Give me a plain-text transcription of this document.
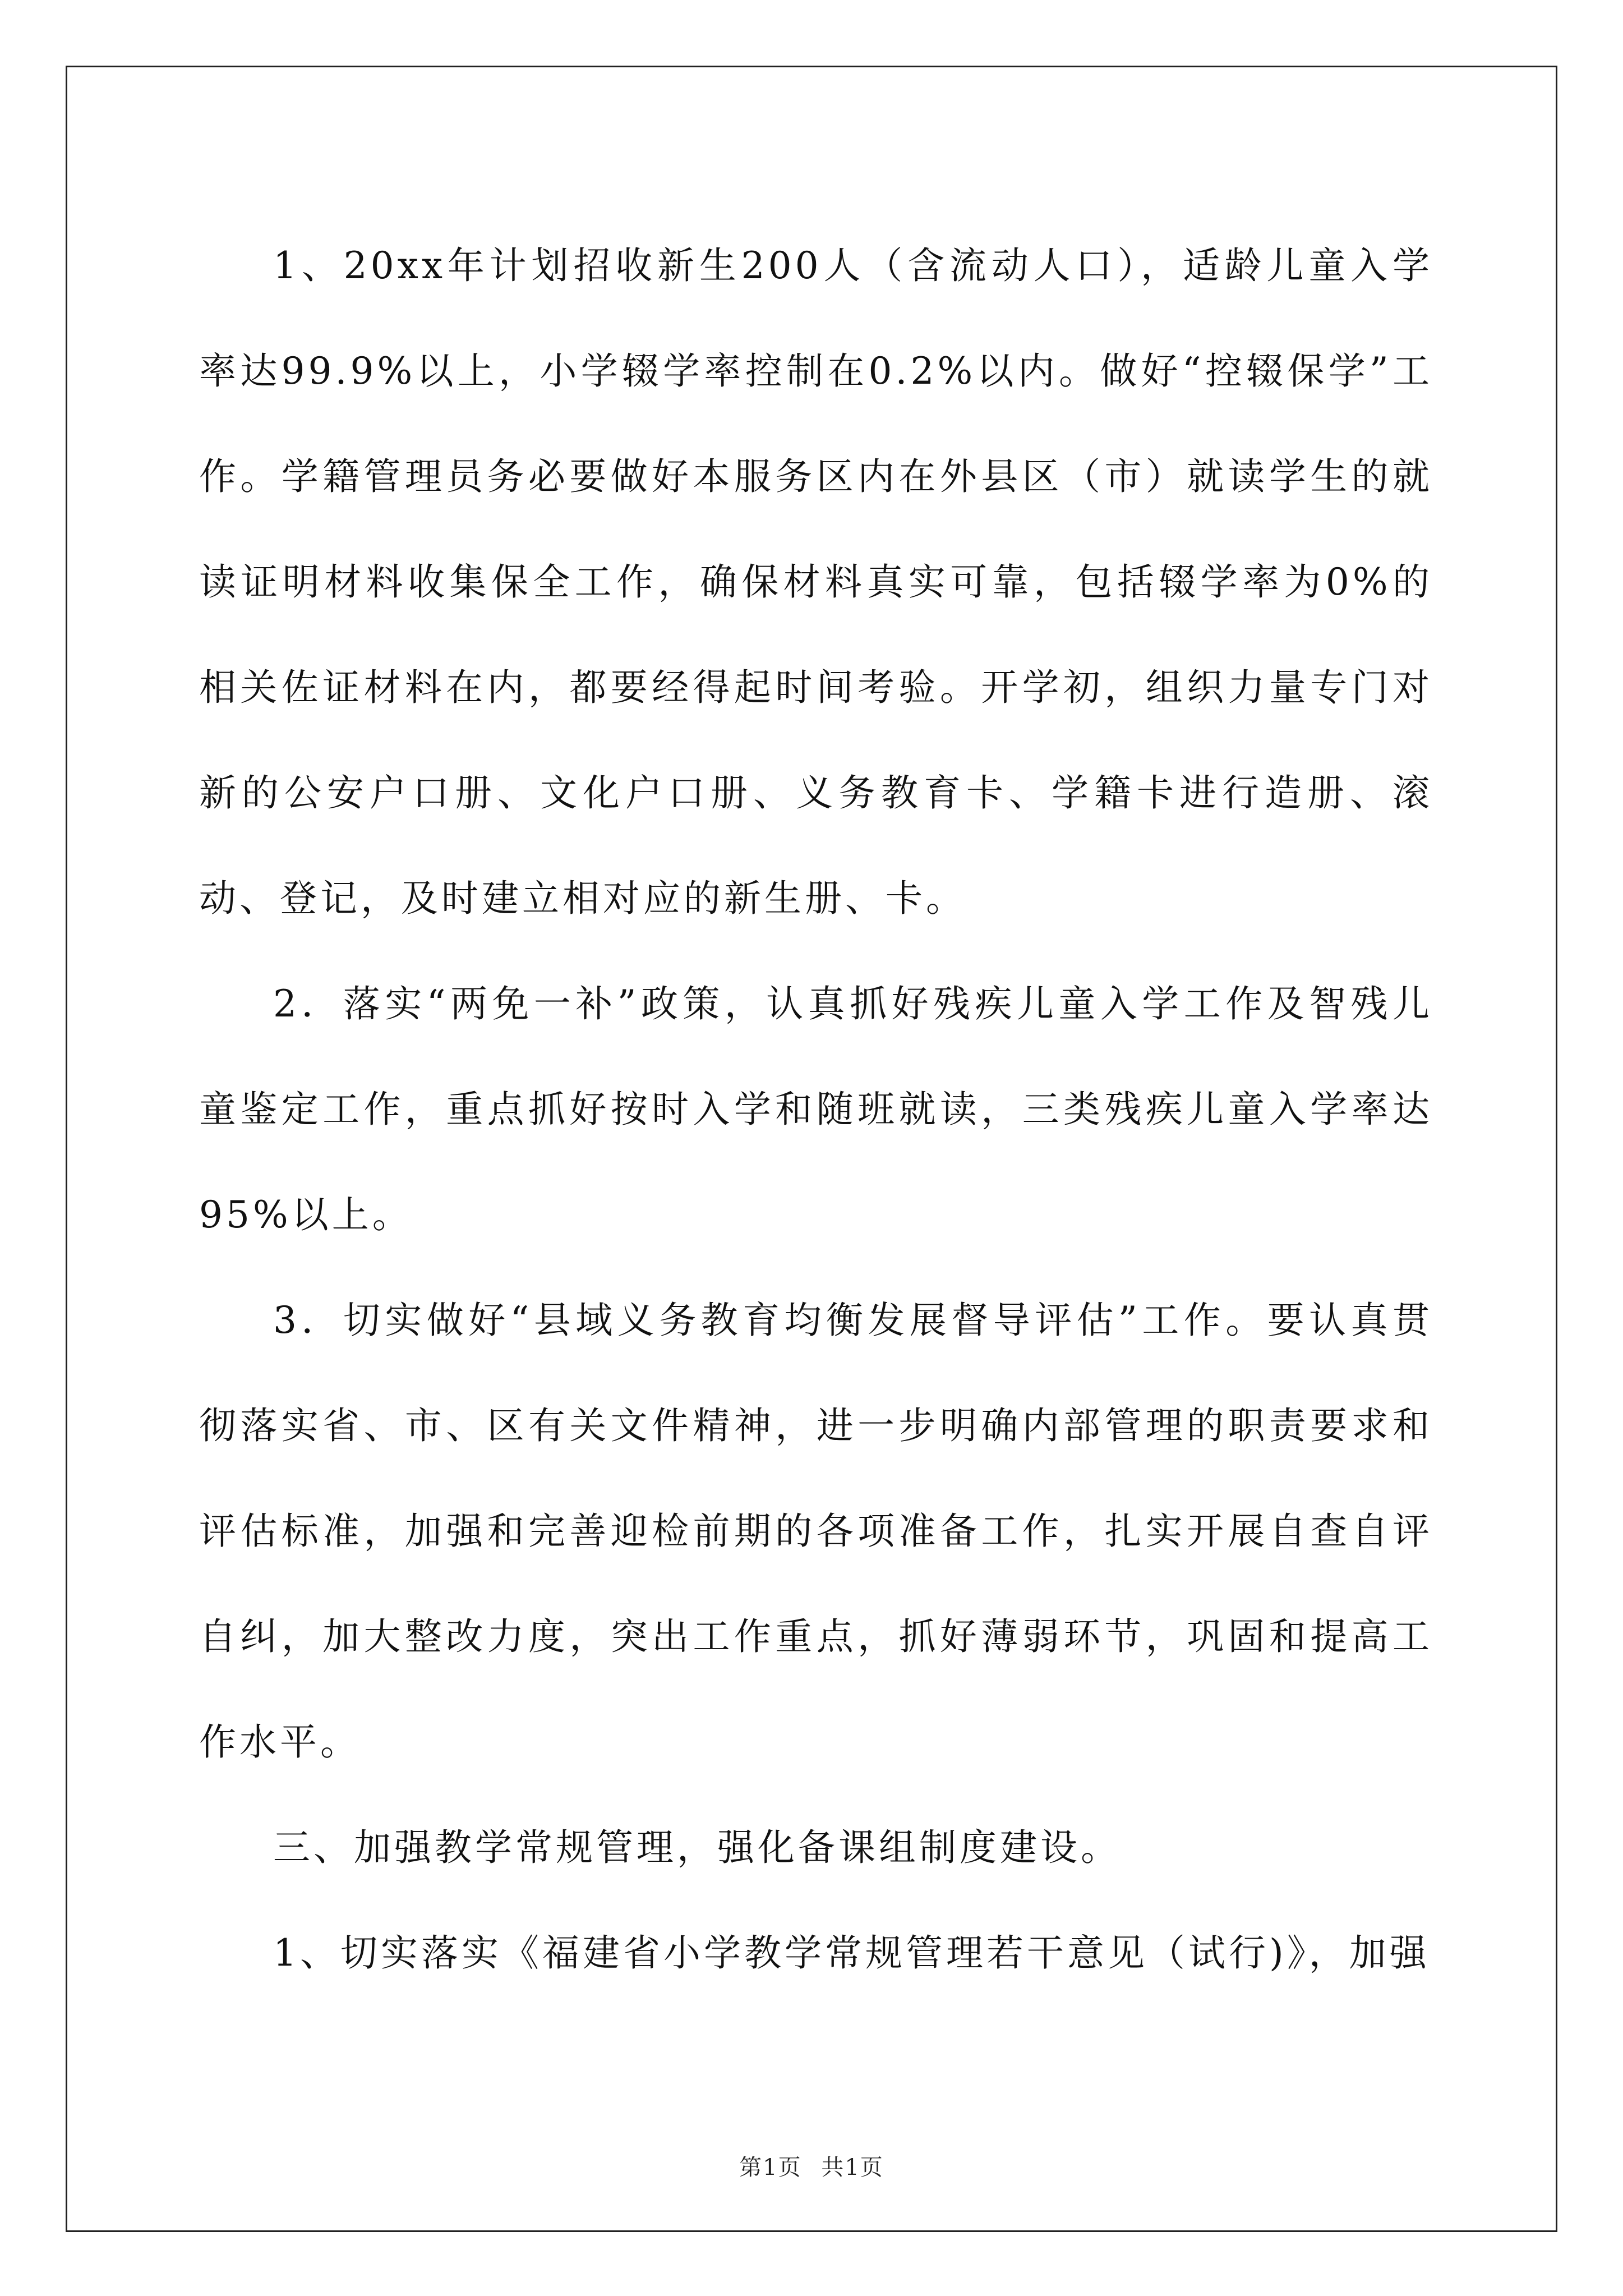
1、20xx年计划招收新生200人（含流动人口），适龄儿童入学率达99.9%以上，小学辍学率控制在0.2%以内。做好“控辍保学”工作。学籍管理员务必要做好本服务区内在外县区（市）就读学生的就读证明材料收集保全工作，确保材料真实可靠，包括辍学率为0%的相关佐证材料在内，都要经得起时间考验。开学初，组织力量专门对新的公安户口册、文化户口册、义务教育卡、学籍卡进行造册、滚动、登记，及时建立相对应的新生册、卡。

2．落实“两免一补”政策，认真抓好残疾儿童入学工作及智残儿童鉴定工作，重点抓好按时入学和随班就读，三类残疾儿童入学率达95%以上。

3．切实做好“县域义务教育均衡发展督导评估”工作。要认真贯彻落实省、市、区有关文件精神，进一步明确内部管理的职责要求和评估标准，加强和完善迎检前期的各项准备工作，扎实开展自查自评自纠，加大整改力度，突出工作重点，抓好薄弱环节，巩固和提高工作水平。

三、加强教学常规管理，强化备课组制度建设。

1、切实落实《福建省小学教学常规管理若干意见（试行)》，加强

第1页 共1页
